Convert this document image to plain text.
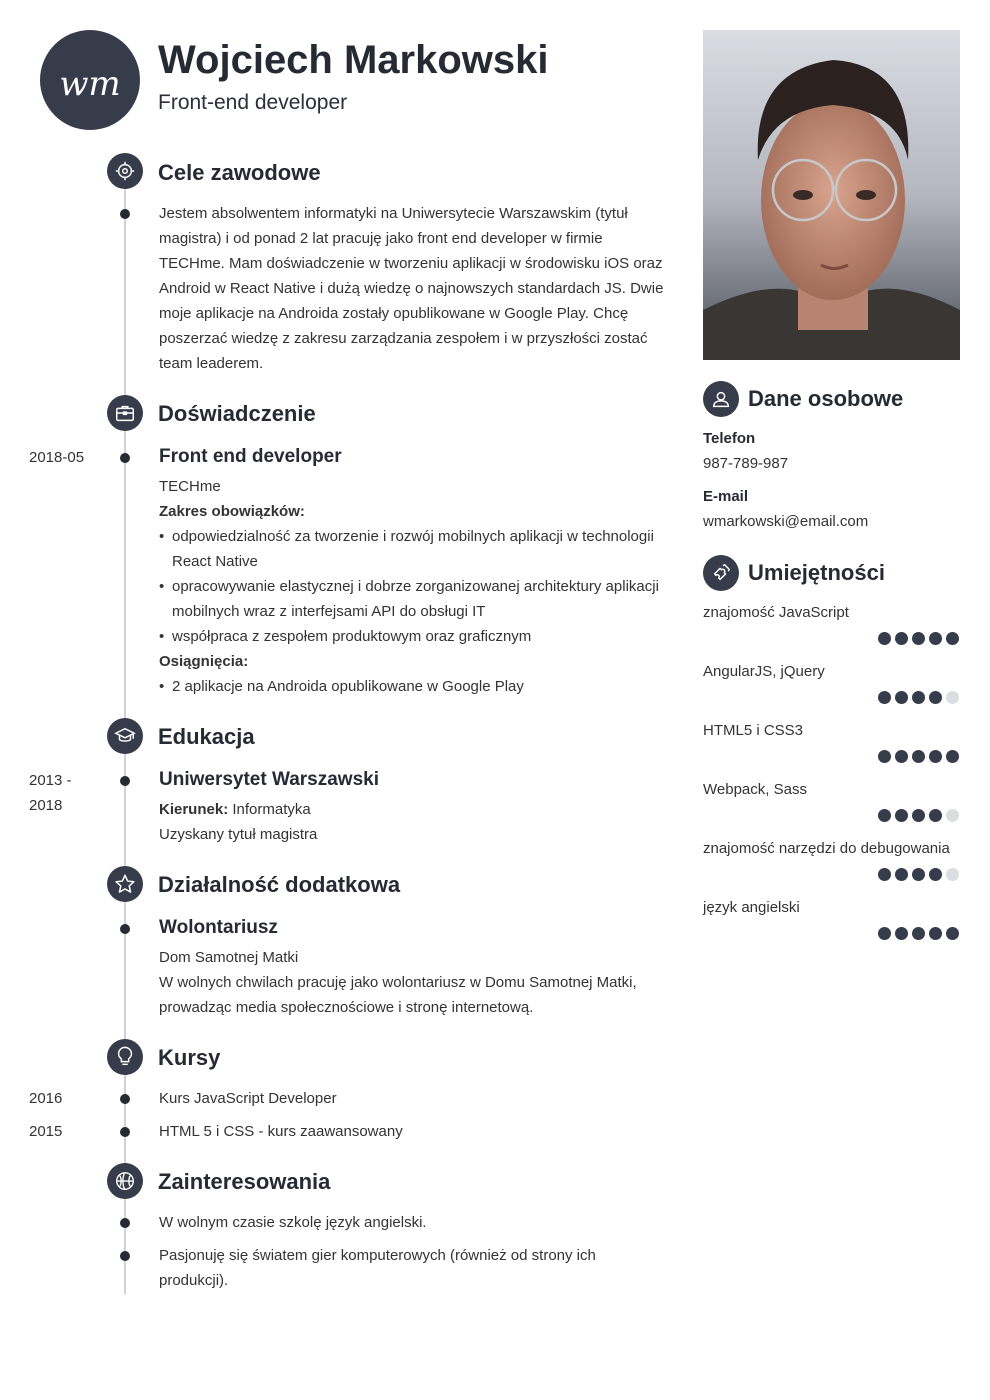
wm
Wojciech Markowski
Front-end developer
Cele zawodowe
Jestem absolwentem informatyki na Uniwersytecie Warszawskim (tytuł magistra) i od ponad 2 lat pracuję jako front end developer w firmie TECHme. Mam doświadczenie w tworzeniu aplikacji w środowisku iOS oraz Android w React Native i dużą wiedzę o najnowszych standardach JS. Dwie moje aplikacje na Androida zostały opublikowane w Google Play. Chcę poszerzać wiedzę z zakresu zarządzania zespołem i w przyszłości zostać team leaderem.
Doświadczenie
2018-05	Front end developer
TECHme
Zakres obowiązków:
• odpowiedzialność za tworzenie i rozwój mobilnych aplikacji w technologii React Native
• opracowywanie elastycznej i dobrze zorganizowanej architektury aplikacji mobilnych wraz z interfejsami API do obsługi IT
• współpraca z zespołem produktowym oraz graficznym
Osiągnięcia:
• 2 aplikacje na Androida opublikowane w Google Play
Edukacja
2013 - 2018
Uniwersytet Warszawski
Kierunek: Informatyka
Uzyskany tytuł magistra
Działalność dodatkowa
Wolontariusz
Dom Samotnej Matki
W wolnych chwilach pracuję jako wolontariusz w Domu Samotnej Matki, prowadząc media społecznościowe i stronę internetową.
Kursy
2016	Kurs JavaScript Developer
2015	HTML 5 i CSS - kurs zaawansowany
Zainteresowania
W wolnym czasie szkolę język angielski.
Pasjonuję się światem gier komputerowych (również od strony ich produkcji).
Dane osobowe
Telefon
987-789-987
E-mail
wmarkowski@email.com
Umiejętności
znajomość JavaScript
AngularJS, jQuery
HTML5 i CSS3
Webpack, Sass
znajomość narzędzi do debugowania
język angielski
